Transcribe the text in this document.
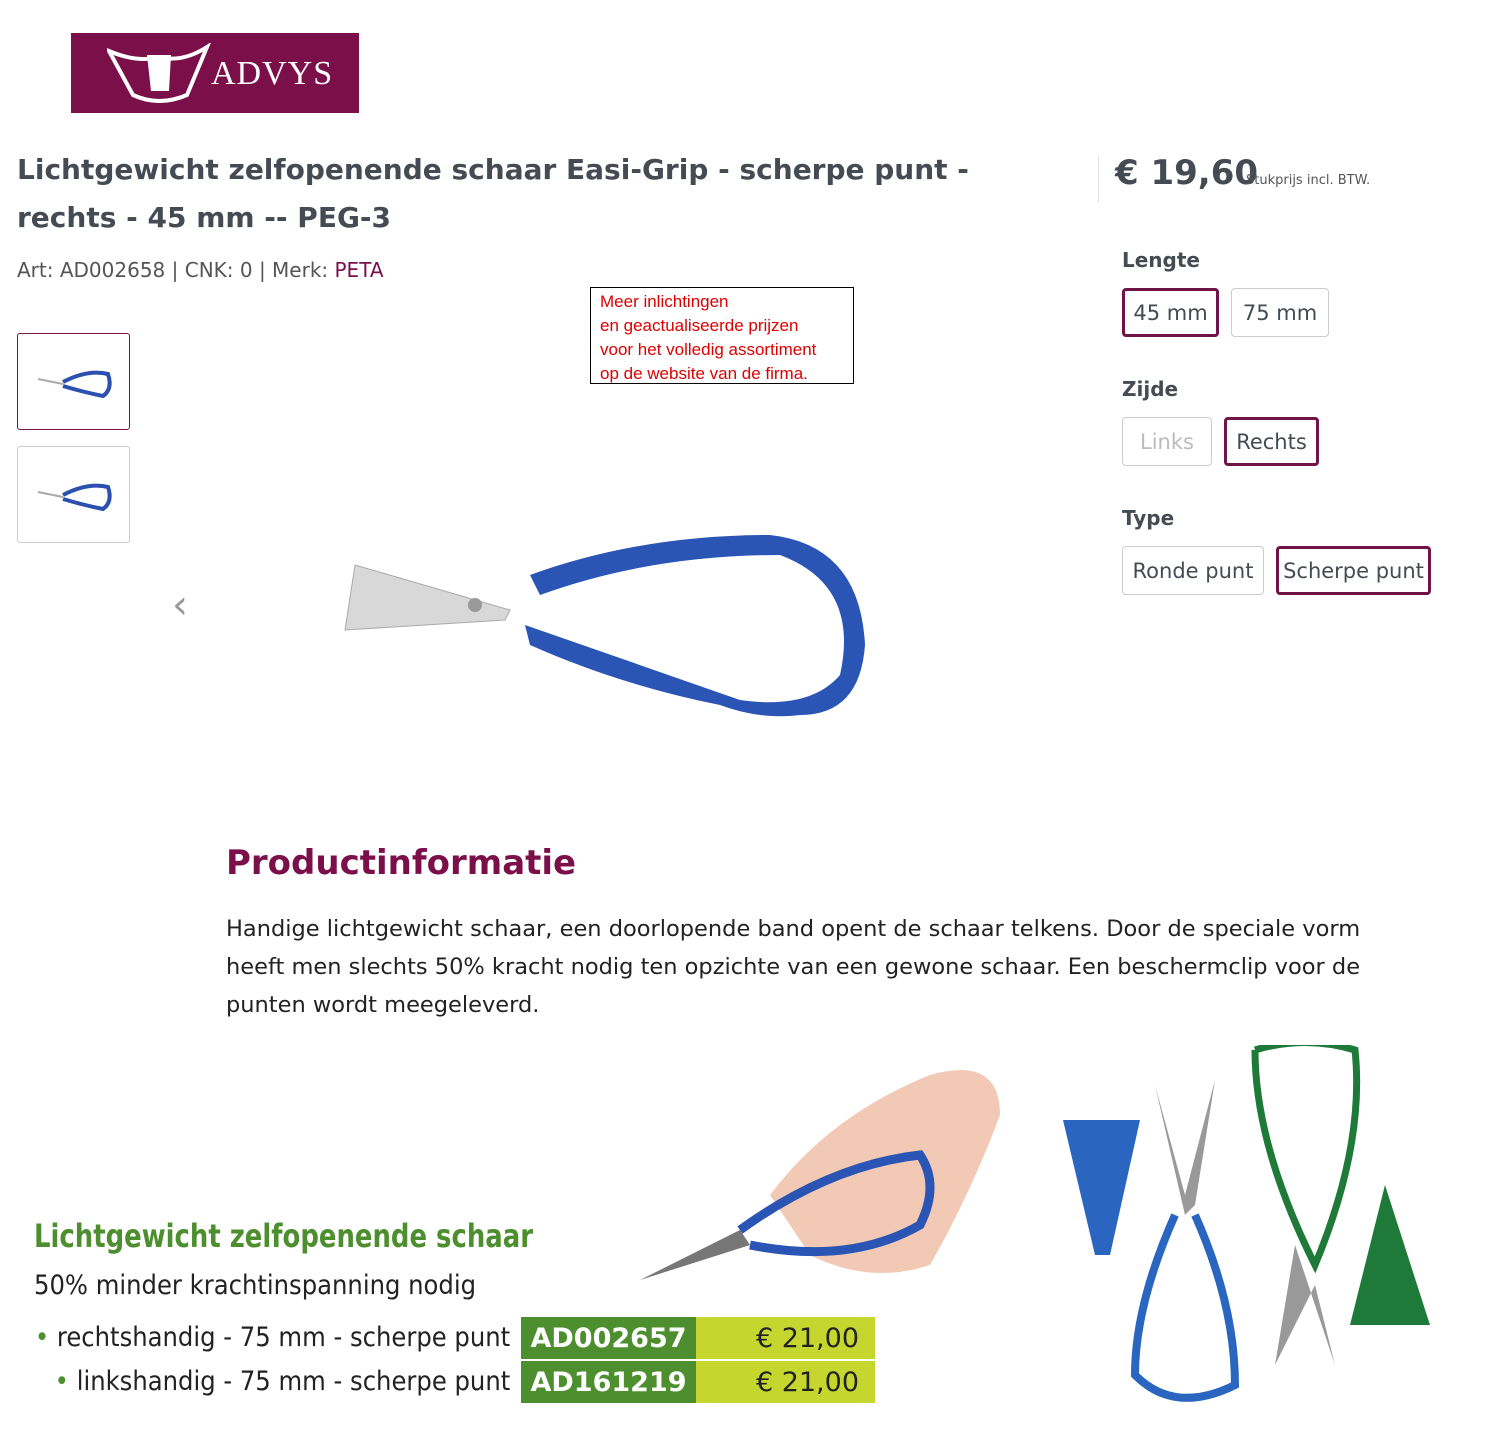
ADVYS
Lichtgewicht zelfopenende schaar Easi-Grip - scherpe punt - rechts - 45 mm -- PEG-3
Art: AD002658 | CNK: 0 | Merk: PETA
Meer inlichtingen
en geactualiseerde prijzen
voor het volledig assortiment
op de website van de firma.
‹
€ 19,60
Stukprijs incl. BTW.
Lengte
45 mm	75 mm
Zijde
Links	Rechts
Type
Ronde punt	Scherpe punt
Productinformatie

Handige lichtgewicht schaar, een doorlopende band opent de schaar telkens. Door de speciale vorm heeft men slechts 50% kracht nodig ten opzichte van een gewone schaar. Een beschermclip voor de punten wordt meegeleverd.

Lichtgewicht zelfopenende schaar
50% minder krachtinspanning nodig
• rechtshandig - 75 mm - scherpe punt AD002657	€ 21,00
• linkshandig - 75 mm - scherpe punt AD161219	€ 21,00
